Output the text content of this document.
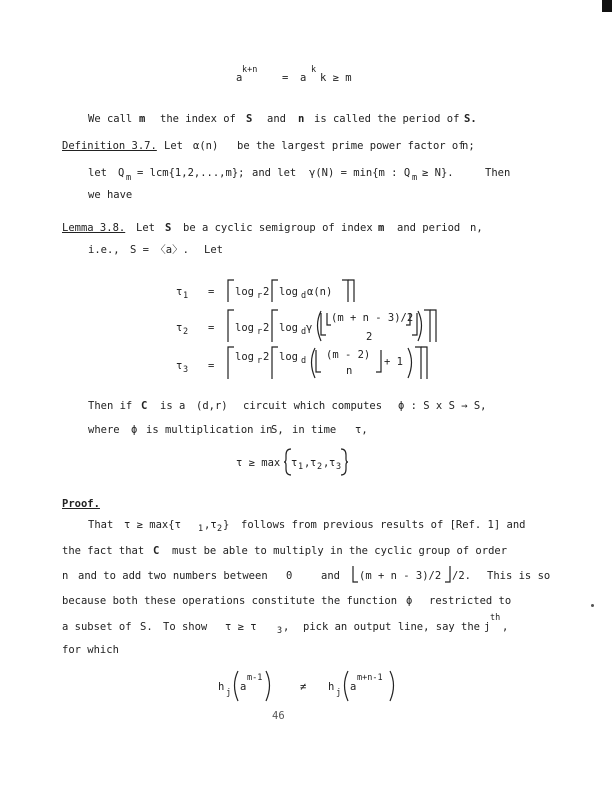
a
k+n
= a
k
k ≥ m
We call m the index of S and n is called the period of S.
Definition 3.7. Let α(n) be the largest prime power factor of
n;
let Q m = lcm{1,2,...,m}; and let γ(N) = min{m : Q m ≥ N}.	Then
we have
Lemma 3.8. Let S be a cyclic semigroup of index m and period n,
i.e., S = 〈a〉. Let
τ 1 = log r 2 log d α(n)
τ 2 = log r 2 log d γ
(m + n - 3)/2
2
τ 3 =
log r 2 log d (m - 2)
n
+ 1
Then if C is a (d,r) circuit which computes ϕ : S x S → S,
where ϕ is multiplication in
S, in time τ,
τ ≥ max τ 1 , τ 2 , τ 3
Proof.
That τ ≥ max{τ 1 ,τ 2 } follows from previous results of [Ref. 1] and
the fact that C must be able to multiply in the cyclic group of order
n and to add two numbers between 0	and (m + n - 3)/2 /2. This is so
because both these operations constitute the function ϕ restricted to
a subset of S. To show τ ≥ τ 3 , pick an output line, say the j
th
,
for which
h j a
m-1
≠ h j a
m+n-1
46
